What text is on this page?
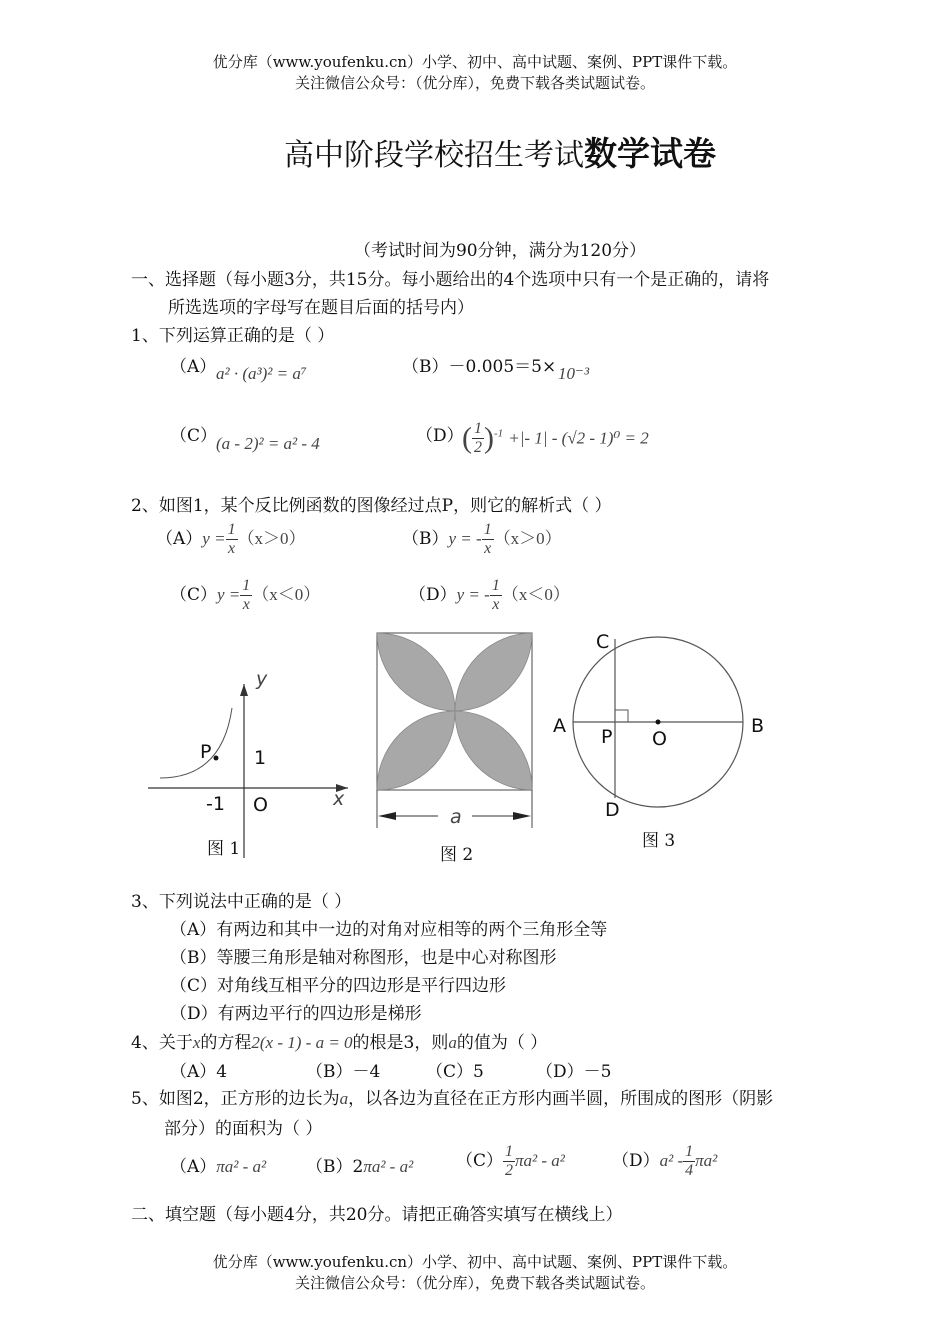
优分库（www.youfenku.cn）小学、初中、高中试题、案例、PPT课件下载。
关注微信公众号：（优分库），免费下载各类试题试卷。
高中阶段学校招生考试数学试卷
（考试时间为90分钟，满分为120分）
一、选择题（每小题3分，共15分。每小题给出的4个选项中只有一个是正确的，请将
所选选项的字母写在题目后面的括号内）
1、下列运算正确的是（ ）
（A） a² · (a³)² = a⁷	（B）－0.005＝5× 10⁻³
（C）
(a - 2)² = a² - 4	（D）
( $\frac{1}{2} )^{-1}$ +|- 1| - (√2 - 1)⁰ = 2
2、如图1，某个反比例函数的图像经过点P，则它的解析式（ ）
$(A)y = \frac{1}{x} (x>0)$	（B）y = - $\frac{1}{x} (x>0)$
$(C)y = \frac{1}{x} (x<0)$	（D）y = - $\frac{1}{x} (x<0)$
y
x
P 1
-1 O
图 1
a
图 2
C
A	B
P O
D
图 3
3、下列说法中正确的是（ ）
（A）有两边和其中一边的对角对应相等的两个三角形全等
（B）等腰三角形是轴对称图形，也是中心对称图形
（C）对角线互相平分的四边形是平行四边形
（D）有两边平行的四边形是梯形
4、关于x的方程2(x - 1) - a = 0的根是3，则a的值为（ ）
（A）4	（B）－4	（C）5	（D）－5
5、如图2，正方形的边长为a，以各边为直径在正方形内画半圆，所围成的图形（阴影
部分）的面积为（ ）
（A）πa² - a² （B）2πa² - a²	$(C) \frac{1}{2} \pi a^2 - a^2$	$(D)a^2 - \frac{1}{4} \pi a^2$
二、填空题（每小题4分，共20分。请把正确答实填写在横线上）
优分库（www.youfenku.cn）小学、初中、高中试题、案例、PPT课件下载。
关注微信公众号：（优分库），免费下载各类试题试卷。
